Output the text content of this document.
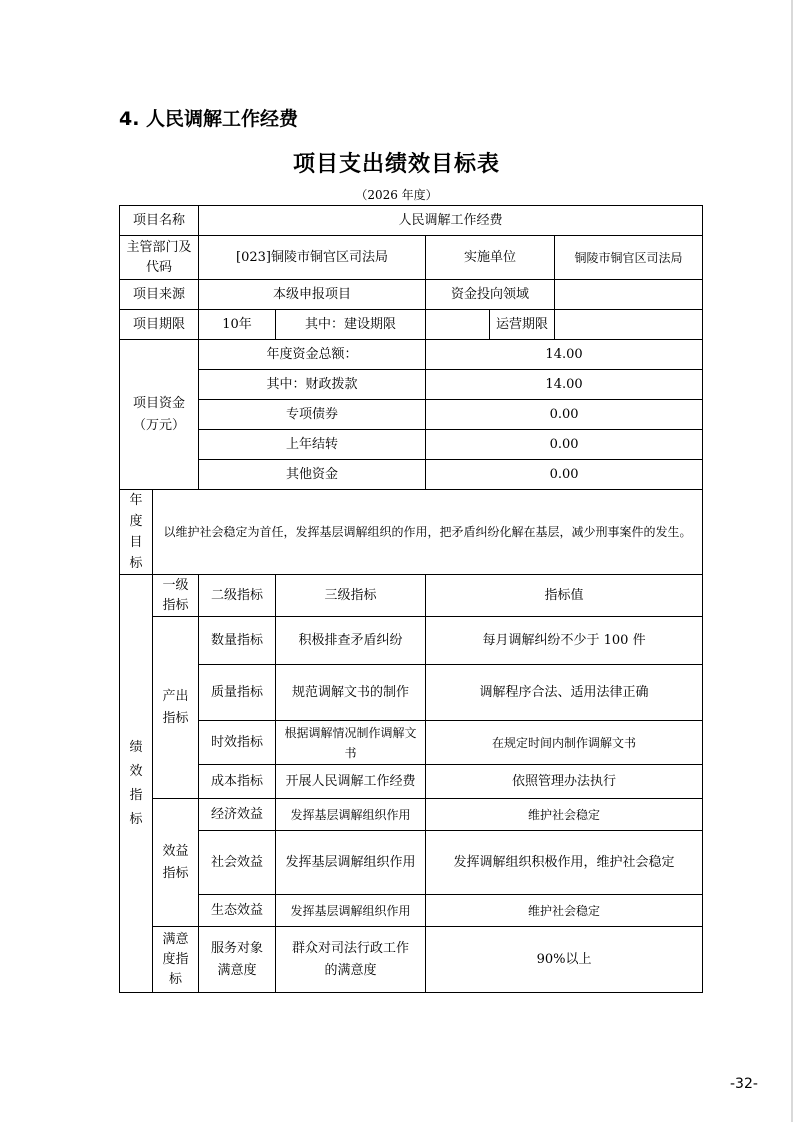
4. 人民调解工作经费
项目支出绩效目标表
（2026 年度）
项目名称		人民调解工作经费				
主管部门及代码		[023]铜陵市铜官区司法局		实施单位		铜陵市铜官区司法局
项目来源		本级申报项目		资金投向领域		
项目期限		10年	其中：建设期限		运营期限	

项目资金（万元）		年度资金总额：		14.00		
		其中：财政拨款		14.00		
		专项债券		0.00		
		上年结转		0.00		
		其他资金		0.00		

年度目标	以维护社会稳定为首任，发挥基层调解组织的作用，把矛盾纠纷化解在基层，减少刑事案件的发生。					

绩效指标	一级指标	二级指标	三级指标	指标值		

	产出指标	数量指标	积极排查矛盾纠纷	每月调解纠纷不少于 100 件		
		质量指标	规范调解文书的制作	调解程序合法、适用法律正确		
		时效指标	根据调解情况制作调解文书	在规定时间内制作调解文书		
		成本指标	开展人民调解工作经费	依照管理办法执行		

	效益指标	经济效益	发挥基层调解组织作用	维护社会稳定		
		社会效益	发挥基层调解组织作用	发挥调解组织积极作用，维护社会稳定		
		生态效益	发挥基层调解组织作用	维护社会稳定		

	满意度指标	服务对象满意度	群众对司法行政工作的满意度	90%以上		
-32-
